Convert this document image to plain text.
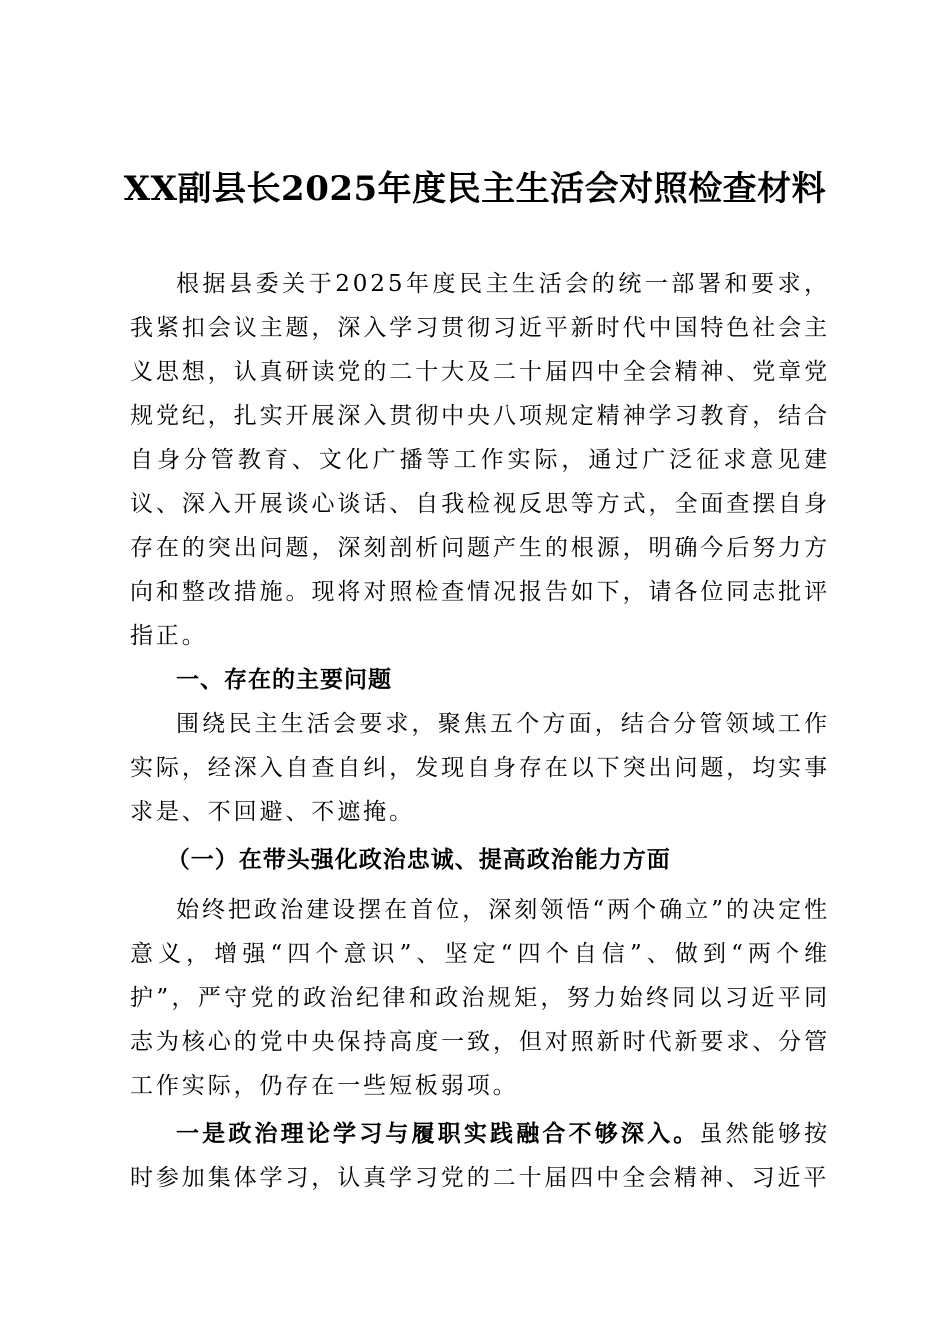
XX副县长2025年度民主生活会对照检查材料

根据县委关于2025年度民主生活会的统一部署和要求，我紧扣会议主题，深入学习贯彻习近平新时代中国特色社会主义思想，认真研读党的二十大及二十届四中全会精神、党章党规党纪，扎实开展深入贯彻中央八项规定精神学习教育，结合自身分管教育、文化广播等工作实际，通过广泛征求意见建议、深入开展谈心谈话、自我检视反思等方式，全面查摆自身存在的突出问题，深刻剖析问题产生的根源，明确今后努力方向和整改措施。现将对照检查情况报告如下，请各位同志批评指正。

一、存在的主要问题

围绕民主生活会要求，聚焦五个方面，结合分管领域工作实际，经深入自查自纠，发现自身存在以下突出问题，均实事求是、不回避、不遮掩。

（一）在带头强化政治忠诚、提高政治能力方面

始终把政治建设摆在首位，深刻领悟“两个确立”的决定性意义，增强“四个意识”、坚定“四个自信”、做到“两个维护”，严守党的政治纪律和政治规矩，努力始终同以习近平同志为核心的党中央保持高度一致，但对照新时代新要求、分管工作实际，仍存在一些短板弱项。

一是政治理论学习与履职实践融合不够深入。虽然能够按时参加集体学习，认真学习党的二十届四中全会精神、习近平
